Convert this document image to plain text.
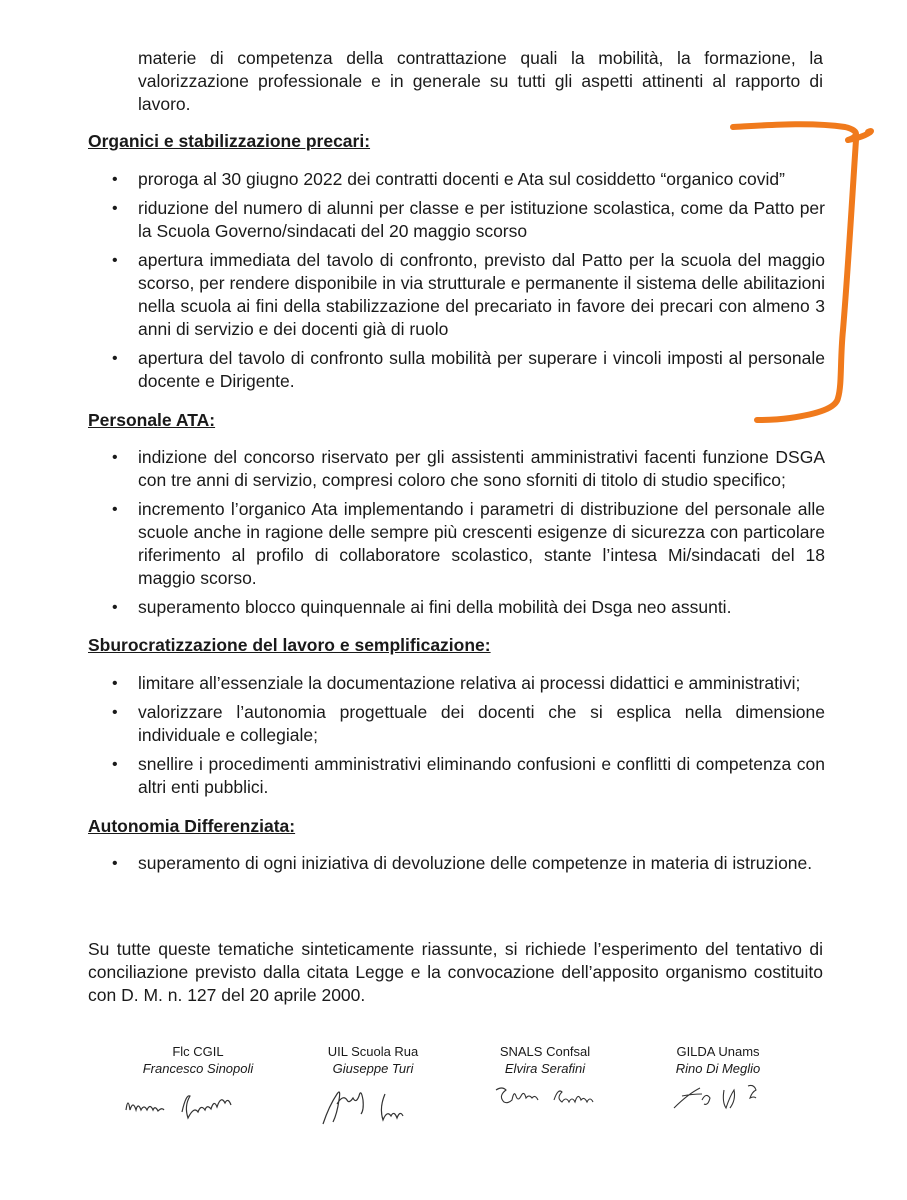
materie di competenza della contrattazione quali la mobilità, la formazione, la valorizzazione professionale e in generale su tutti gli aspetti attinenti al rapporto di lavoro.

Organici e stabilizzazione precari:
• proroga al 30 giugno 2022 dei contratti docenti e Ata sul cosiddetto “organico covid”
• riduzione del numero di alunni per classe e per istituzione scolastica, come da Patto per la Scuola Governo/sindacati del 20 maggio scorso
• apertura immediata del tavolo di confronto, previsto dal Patto per la scuola del maggio scorso, per rendere disponibile in via strutturale e permanente il sistema delle abilitazioni nella scuola ai fini della stabilizzazione del precariato in favore dei precari con almeno 3 anni di servizio e dei docenti già di ruolo
• apertura del tavolo di confronto sulla mobilità per superare i vincoli imposti al personale docente e Dirigente.
Personale ATA:
• indizione del concorso riservato per gli assistenti amministrativi facenti funzione DSGA con tre anni di servizio, compresi coloro che sono sforniti di titolo di studio specifico;
• incremento l’organico Ata implementando i parametri di distribuzione del personale alle scuole anche in ragione delle sempre più crescenti esigenze di sicurezza con particolare riferimento al profilo di collaboratore scolastico, stante l’intesa Mi/sindacati del 18 maggio scorso.
• superamento blocco quinquennale ai fini della mobilità dei Dsga neo assunti.
Sburocratizzazione del lavoro e semplificazione:
• limitare all’essenziale la documentazione relativa ai processi didattici e amministrativi;
• valorizzare l’autonomia progettuale dei docenti che si esplica nella dimensione individuale e collegiale;
• snellire i procedimenti amministrativi eliminando confusioni e conflitti di competenza con altri enti pubblici.
Autonomia Differenziata:
• superamento di ogni iniziativa di devoluzione delle competenze in materia di istruzione.

Su tutte queste tematiche sinteticamente riassunte, si richiede l’esperimento del tentativo di conciliazione previsto dalla citata Legge e la convocazione dell’apposito organismo costituito con D. M. n. 127 del 20 aprile 2000.

Flc CGIL
Francesco Sinopoli
UIL Scuola Rua
Giuseppe Turi
SNALS Confsal
Elvira Serafini
GILDA Unams
Rino Di Meglio
